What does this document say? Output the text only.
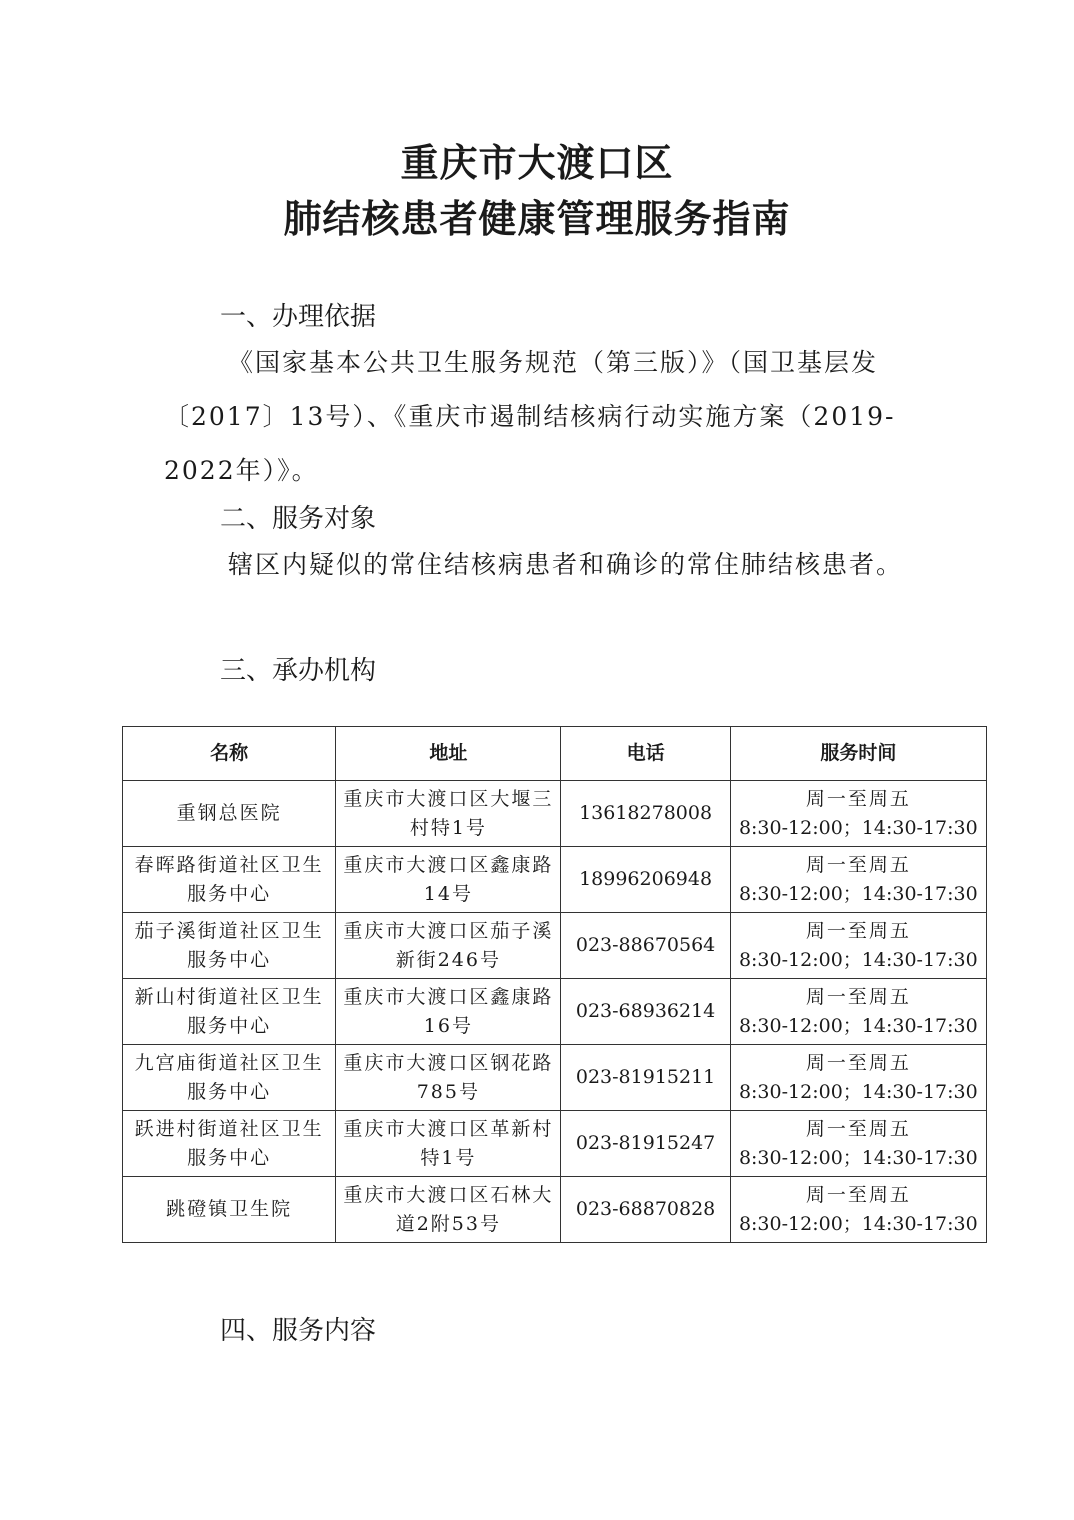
重庆市大渡口区
肺结核患者健康管理服务指南
一、办理依据
《国家基本公共卫生服务规范（第三版）》（国卫基层发〔2017〕13号）、《重庆市遏制结核病行动实施方案（2019-2022年）》。
二、服务对象
辖区内疑似的常住结核病患者和确诊的常住肺结核患者。
三、承办机构
名称	地址	电话	服务时间
重钢总医院	重庆市大渡口区大堰三村特1号	13618278008	周一至周五
8:30-12:00；14:30-17:30

春晖路街道社区卫生服务中心	重庆市大渡口区鑫康路14号	18996206948	周一至周五
8:30-12:00；14:30-17:30

茄子溪街道社区卫生服务中心	重庆市大渡口区茄子溪新街246号	023-88670564	周一至周五
8:30-12:00；14:30-17:30

新山村街道社区卫生服务中心	重庆市大渡口区鑫康路16号	023-68936214	周一至周五
8:30-12:00；14:30-17:30

九宫庙街道社区卫生服务中心	重庆市大渡口区钢花路785号	023-81915211	周一至周五
8:30-12:00；14:30-17:30

跃进村街道社区卫生服务中心	重庆市大渡口区革新村特1号	023-81915247	周一至周五
8:30-12:00；14:30-17:30

跳磴镇卫生院	重庆市大渡口区石林大道2附53号	023-68870828	周一至周五
8:30-12:00；14:30-17:30
四、服务内容
